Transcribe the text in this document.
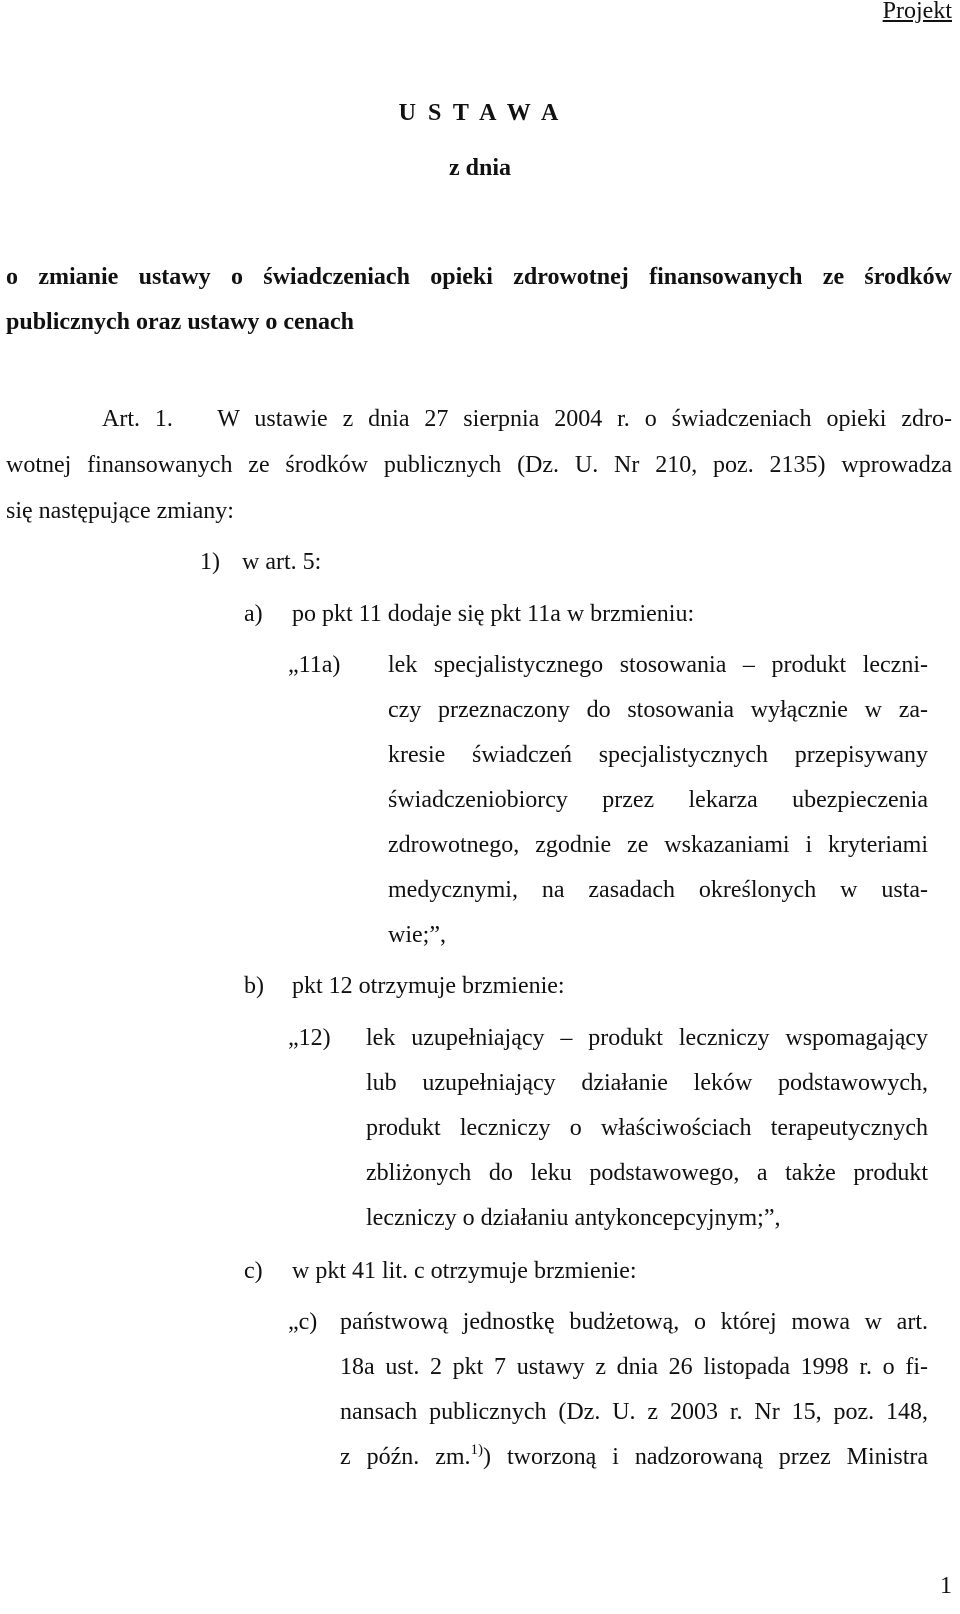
Projekt
U S T A W A
z dnia
o zmianie ustawy o świadczeniach opieki zdrowotnej finansowanych ze środków
publicznych oraz ustawy o cenach
Art. 1.   W ustawie z dnia 27 sierpnia 2004 r. o świadczeniach opieki zdro-
wotnej finansowanych ze środków publicznych (Dz. U. Nr 210, poz. 2135) wprowadza
się następujące zmiany:
1) w art. 5:
a) po pkt 11 dodaje się pkt 11a w brzmieniu:
„11a) lek specjalistycznego stosowania – produkt leczni-
czy przeznaczony do stosowania wyłącznie w za-
kresie świadczeń specjalistycznych przepisywany
świadczeniobiorcy przez lekarza ubezpieczenia
zdrowotnego, zgodnie ze wskazaniami i kryteriami
medycznymi, na zasadach określonych w usta-
wie;”,
b) pkt 12 otrzymuje brzmienie:
„12) lek uzupełniający – produkt leczniczy wspomagający
lub uzupełniający działanie leków podstawowych,
produkt leczniczy o właściwościach terapeutycznych
zbliżonych do leku podstawowego, a także produkt
leczniczy o działaniu antykoncepcyjnym;”,
c) w pkt 41 lit. c otrzymuje brzmienie:
„c) państwową jednostkę budżetową, o której mowa w art.
18a ust. 2 pkt 7 ustawy z dnia 26 listopada 1998 r. o fi-
nansach publicznych (Dz. U. z 2003 r. Nr 15, poz. 148,
z późn. zm.$^{1)}$) tworzoną i nadzorowaną przez Ministra
1
